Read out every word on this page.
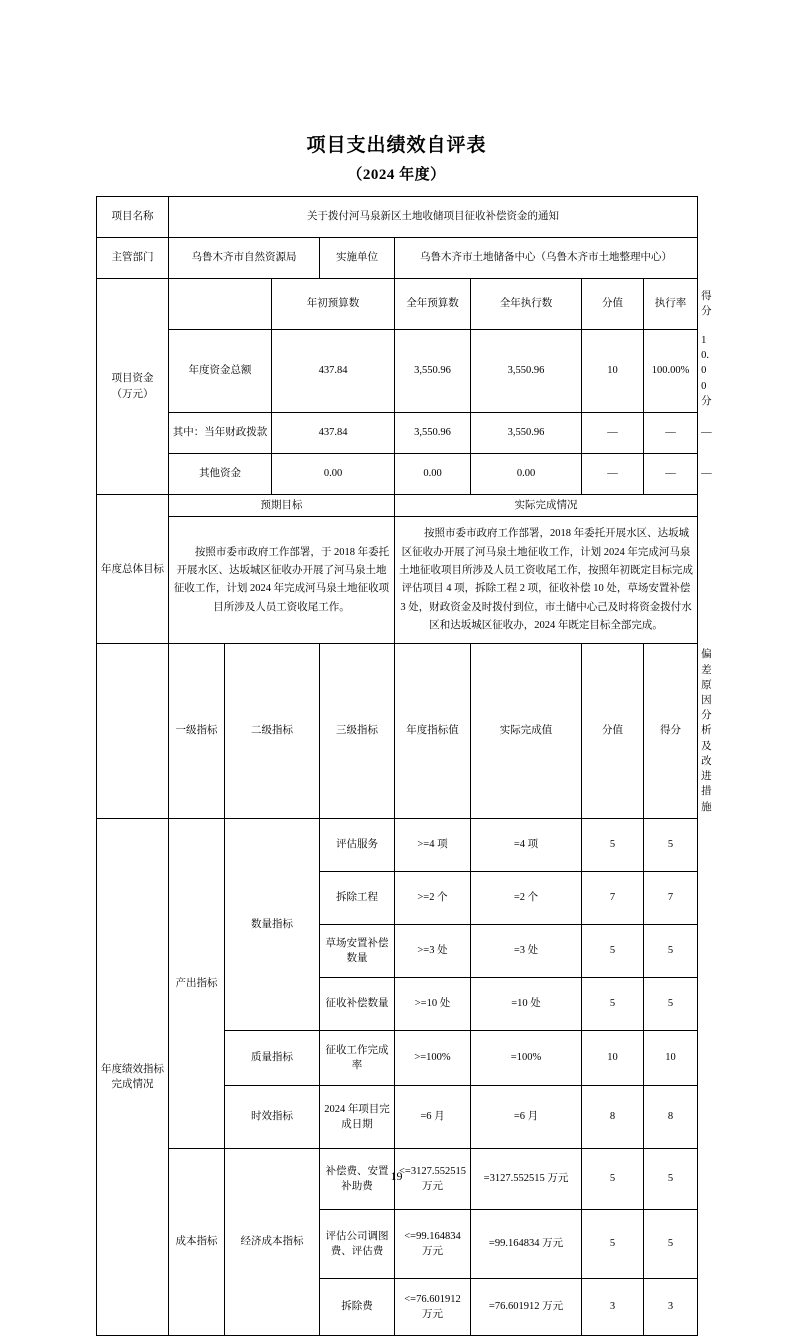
项目支出绩效自评表
（2024 年度）
项目名称	关于拨付河马泉新区土地收储项目征收补偿资金的通知								
主管部门	乌鲁木齐市自然资源局			实施单位	乌鲁木齐市土地储备中心（乌鲁木齐市土地整理中心）				

项目资金
（万元）			年初预算数		全年预算数	全年执行数	分值	执行率	得分
	年度资金总额		437.84		3,550.96	3,550.96	10	100.00%	10.00 分
	其中：当年财政拨款		437.84		3,550.96	3,550.96	—	—	—
	其他资金		0.00		0.00	0.00	—	—	—
年度总体目标	预期目标				实际完成情况				
	按照市委市政府工作部署，于 2018 年委托开展水区、达坂城区征收办开展了河马泉土地征收工作，计划 2024 年完成河马泉土地征收项目所涉及人员工资收尾工作。				按照市委市政府工作部署，2018 年委托开展水区、达坂城区征收办开展了河马泉土地征收工作，计划 2024 年完成河马泉土地征收项目所涉及人员工资收尾工作，按照年初既定目标完成评估项目 4 项，拆除工程 2 项，征收补偿 10 处，草场安置补偿 3 处，财政资金及时拨付到位，市土储中心己及时将资金拨付水区和达坂城区征收办，2024 年既定目标全部完成。				
	一级指标	二级指标		三级指标	年度指标值	实际完成值	分值	得分	偏差原因分析及改进措施
年度绩效指标完成情况	产出指标	数量指标		评估服务	>=4 项	=4 项	5	5	
				拆除工程	>=2 个	=2 个	7	7	
				草场安置补偿数量	>=3 处	=3 处	5	5	
				征收补偿数量	>=10 处	=10 处	5	5	
		质量指标		征收工作完成率	>=100%	=100%	10	10	
		时效指标		2024 年项目完成日期	=6 月	=6 月	8	8	
	成本指标	经济成本指标		补偿费、安置补助费	<=3127.552515 万元	=3127.552515 万元	5	5	
				评估公司调图费、评估费	<=99.164834 万元	=99.164834 万元	5	5	
				拆除费	<=76.601912 万元	=76.601912 万元	3	3	
19
